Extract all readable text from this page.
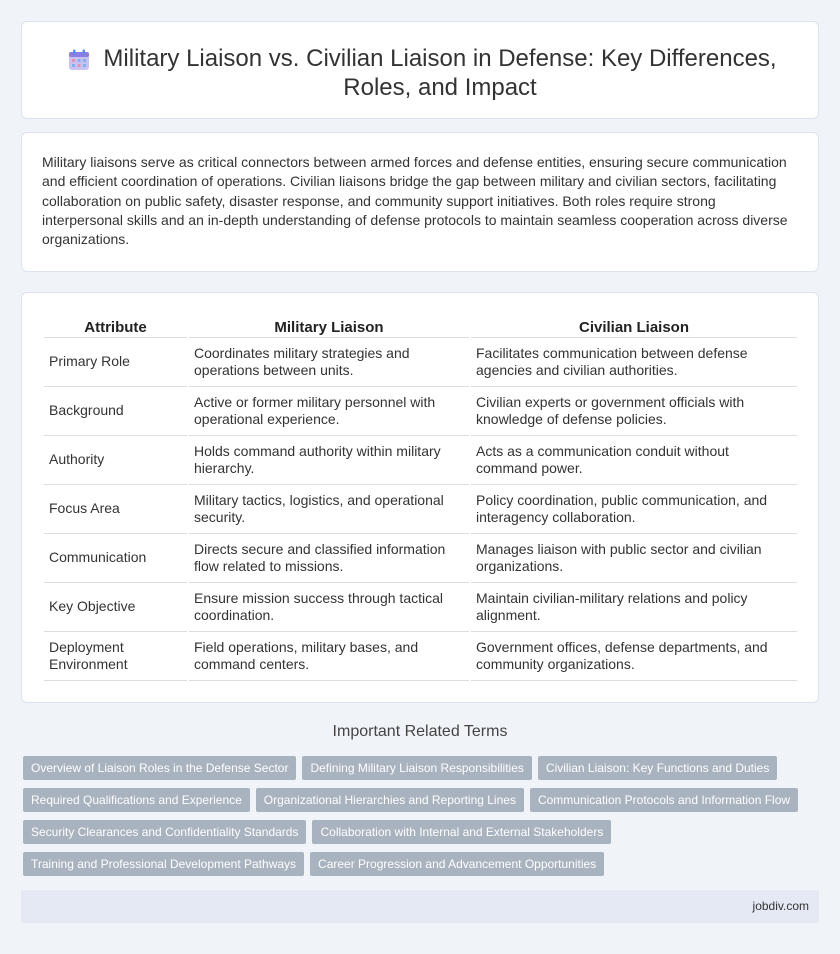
Military Liaison vs. Civilian Liaison in Defense: Key Differences, Roles, and Impact

Military liaisons serve as critical connectors between armed forces and defense entities, ensuring secure communication and efficient coordination of operations. Civilian liaisons bridge the gap between military and civilian sectors, facilitating collaboration on public safety, disaster response, and community support initiatives. Both roles require strong interpersonal skills and an in-depth understanding of defense protocols to maintain seamless cooperation across diverse organizations.

Attribute	Military Liaison	Civilian Liaison
Primary Role	Coordinates military strategies and operations between units.	Facilitates communication between defense agencies and civilian authorities.
Background	Active or former military personnel with operational experience.	Civilian experts or government officials with knowledge of defense policies.
Authority	Holds command authority within military hierarchy.	Acts as a communication conduit without command power.
Focus Area	Military tactics, logistics, and operational security.	Policy coordination, public communication, and interagency collaboration.
Communication	Directs secure and classified information flow related to missions.	Manages liaison with public sector and civilian organizations.
Key Objective	Ensure mission success through tactical coordination.	Maintain civilian-military relations and policy alignment.
Deployment Environment	Field operations, military bases, and command centers.	Government offices, defense departments, and community organizations.
Important Related Terms
Overview of Liaison Roles in the Defense Sector	Defining Military Liaison Responsibilities	Civilian Liaison: Key Functions and Duties
Required Qualifications and Experience	Organizational Hierarchies and Reporting Lines	Communication Protocols and Information Flow
Security Clearances and Confidentiality Standards	Collaboration with Internal and External Stakeholders
Training and Professional Development Pathways	Career Progression and Advancement Opportunities
jobdiv.com
